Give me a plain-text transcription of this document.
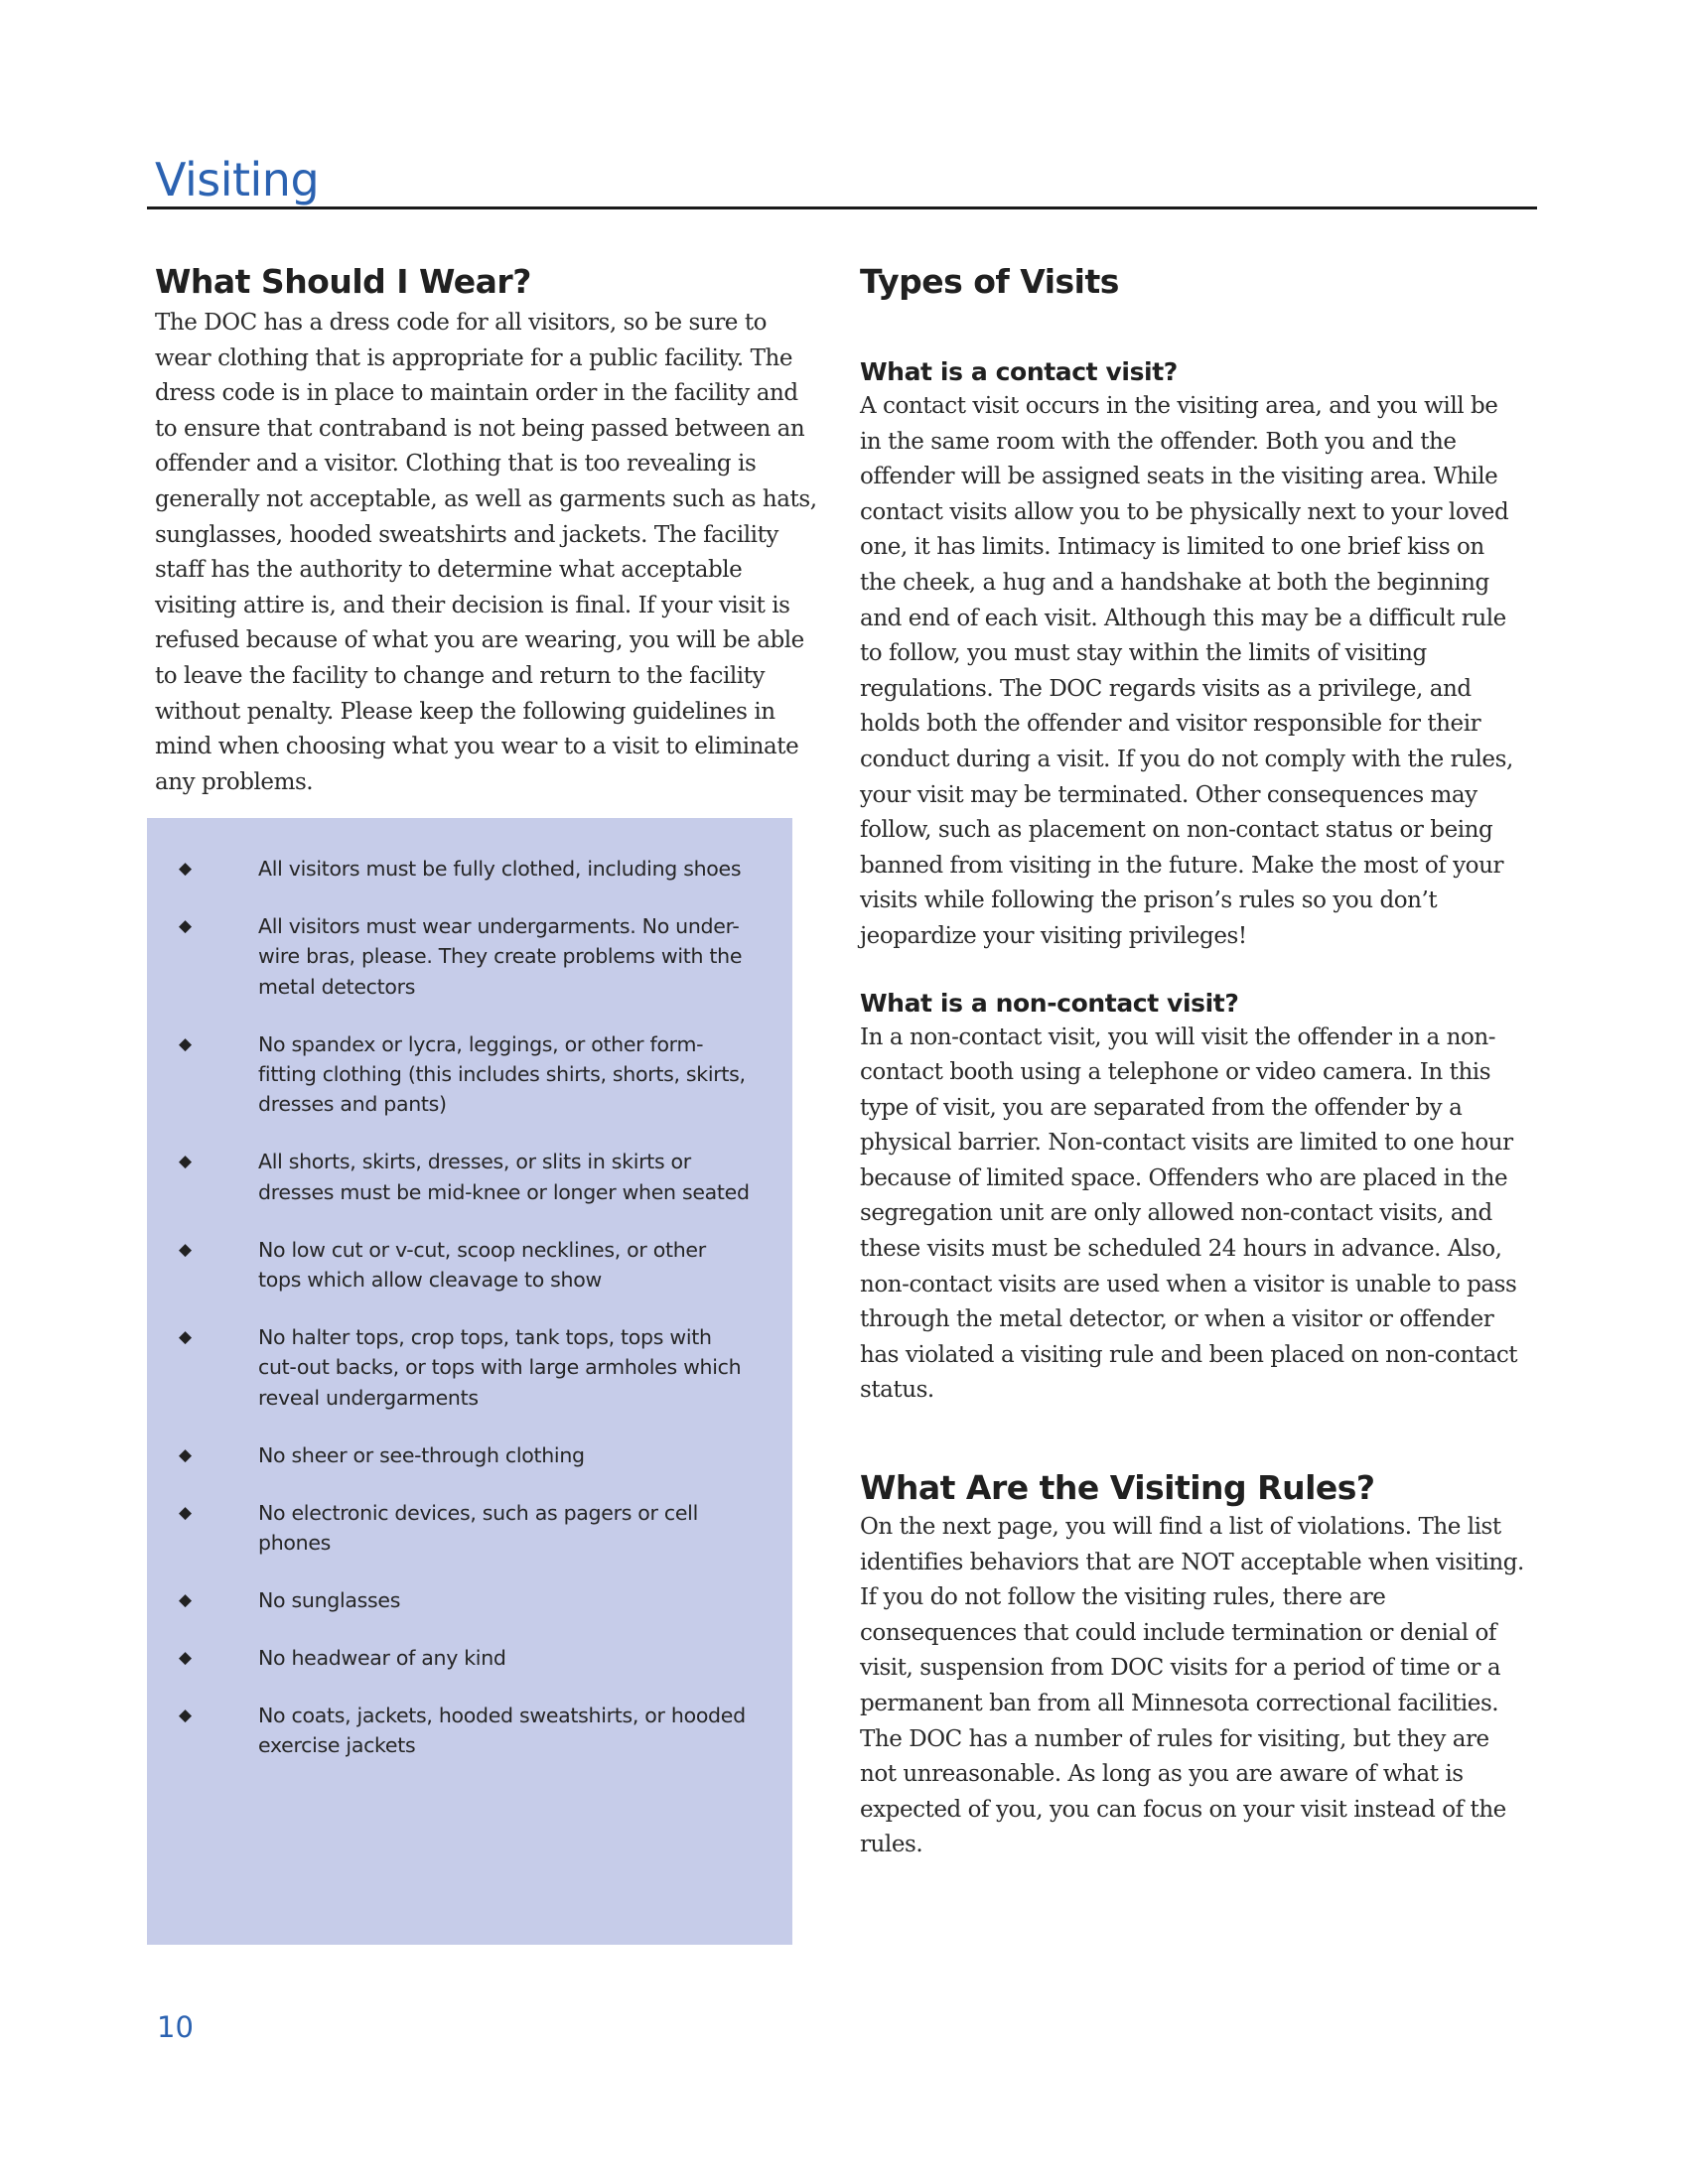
Visiting
What Should I Wear?

The DOC has a dress code for all visitors, so be sure to wear clothing that is appropriate for a public facility. The dress code is in place to maintain order in the facility and to ensure that contraband is not being passed between an offender and a visitor. Clothing that is too revealing is generally not acceptable, as well as garments such as hats, sunglasses, hooded sweatshirts and jackets. The facility staff has the authority to determine what acceptable visiting attire is, and their decision is final. If your visit is refused because of what you are wearing, you will be able to leave the facility to change and return to the facility without penalty. Please keep the following guidelines in mind when choosing what you wear to a visit to eliminate any problems.

◆	All visitors must be fully clothed, including shoes
◆	All visitors must wear undergarments. No under-wire bras, please. They create problems with the metal detectors
◆	No spandex or lycra, leggings, or other form-fitting clothing (this includes shirts, shorts, skirts, dresses and pants)
◆	All shorts, skirts, dresses, or slits in skirts or dresses must be mid-knee or longer when seated
◆	No low cut or v-cut, scoop necklines, or other tops which allow cleavage to show
◆	No halter tops, crop tops, tank tops, tops with cut-out backs, or tops with large armholes which reveal undergarments
◆	No sheer or see-through clothing
◆	No electronic devices, such as pagers or cell phones
◆	No sunglasses
◆	No headwear of any kind
◆	No coats, jackets, hooded sweatshirts, or hooded exercise jackets
Types of Visits
What is a contact visit?

A contact visit occurs in the visiting area, and you will be in the same room with the offender. Both you and the offender will be assigned seats in the visiting area. While contact visits allow you to be physically next to your loved one, it has limits. Intimacy is limited to one brief kiss on the cheek, a hug and a handshake at both the beginning and end of each visit. Although this may be a difficult rule to follow, you must stay within the limits of visiting regulations. The DOC regards visits as a privilege, and holds both the offender and visitor responsible for their conduct during a visit. If you do not comply with the rules, your visit may be terminated. Other consequences may follow, such as placement on non-contact status or being banned from visiting in the future. Make the most of your visits while following the prison’s rules so you don’t jeopardize your visiting privileges!

What is a non-contact visit?

In a non-contact visit, you will visit the offender in a non-contact booth using a telephone or video camera. In this type of visit, you are separated from the offender by a physical barrier. Non-contact visits are limited to one hour because of limited space. Offenders who are placed in the segregation unit are only allowed non-contact visits, and these visits must be scheduled 24 hours in advance. Also, non-contact visits are used when a visitor is unable to pass through the metal detector, or when a visitor or offender has violated a visiting rule and been placed on non-contact status.

What Are the Visiting Rules?

On the next page, you will find a list of violations. The list identifies behaviors that are NOT acceptable when visiting. If you do not follow the visiting rules, there are consequences that could include termination or denial of visit, suspension from DOC visits for a period of time or a permanent ban from all Minnesota correctional facilities. The DOC has a number of rules for visiting, but they are not unreasonable. As long as you are aware of what is expected of you, you can focus on your visit instead of the rules.

10
